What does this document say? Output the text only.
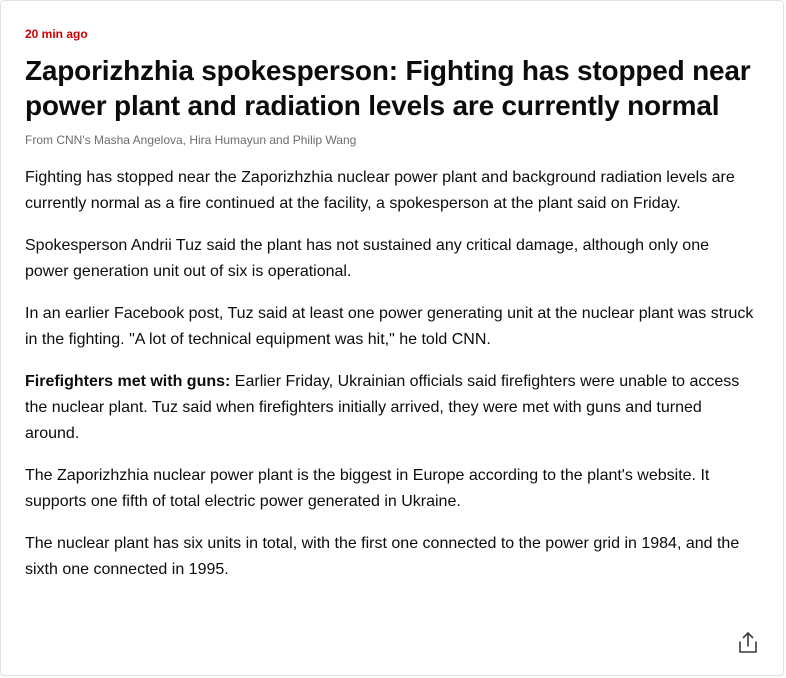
20 min ago
Zaporizhzhia spokesperson: Fighting has stopped near power plant and radiation levels are currently normal
From CNN's Masha Angelova, Hira Humayun and Philip Wang

Fighting has stopped near the Zaporizhzhia nuclear power plant and background radiation levels are currently normal as a fire continued at the facility, a spokesperson at the plant said on Friday.

Spokesperson Andrii Tuz said the plant has not sustained any critical damage, although only one power generation unit out of six is operational.

In an earlier Facebook post, Tuz said at least one power generating unit at the nuclear plant was struck in the fighting. "A lot of technical equipment was hit," he told CNN.

Firefighters met with guns: Earlier Friday, Ukrainian officials said firefighters were unable to access the nuclear plant. Tuz said when firefighters initially arrived, they were met with guns and turned around.

The Zaporizhzhia nuclear power plant is the biggest in Europe according to the plant's website. It supports one fifth of total electric power generated in Ukraine.

The nuclear plant has six units in total, with the first one connected to the power grid in 1984, and the sixth one connected in 1995.
